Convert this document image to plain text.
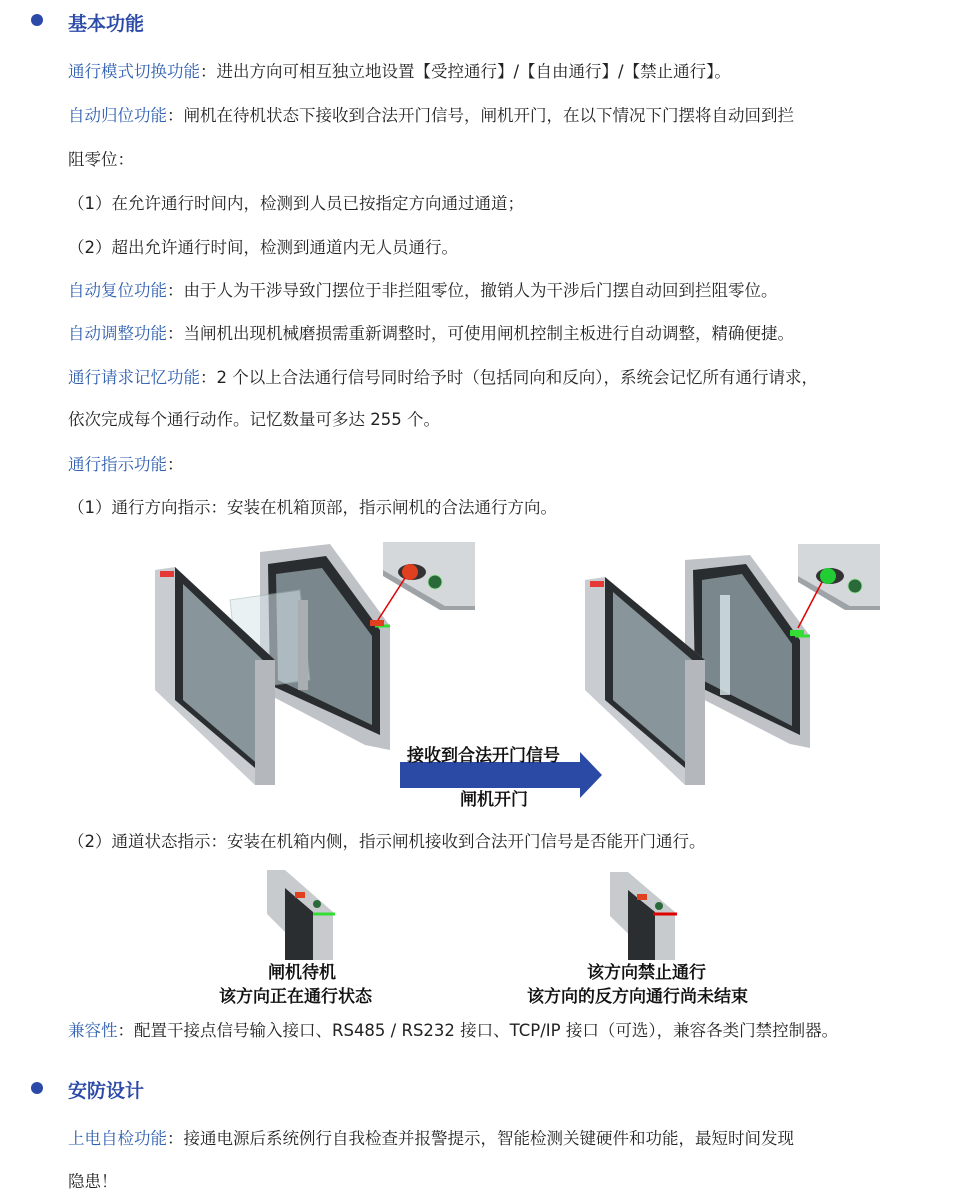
基本功能
通行模式切换功能：进出方向可相互独立地设置【受控通行】/【自由通行】/【禁止通行】。
自动归位功能：闸机在待机状态下接收到合法开门信号，闸机开门，在以下情况下门摆将自动回到拦
阻零位：
（1）在允许通行时间内，检测到人员已按指定方向通过通道；
（2）超出允许通行时间，检测到通道内无人员通行。
自动复位功能：由于人为干涉导致门摆位于非拦阻零位，撤销人为干涉后门摆自动回到拦阻零位。
自动调整功能：当闸机出现机械磨损需重新调整时，可使用闸机控制主板进行自动调整，精确便捷。
通行请求记忆功能：2 个以上合法通行信号同时给予时（包括同向和反向），系统会记忆所有通行请求，
依次完成每个通行动作。记忆数量可多达 255 个。
通行指示功能：
（1）通行方向指示：安装在机箱顶部，指示闸机的合法通行方向。
接收到合法开门信号
闸机开门
（2）通道状态指示：安装在机箱内侧，指示闸机接收到合法开门信号是否能开门通行。
闸机待机
该方向正在通行状态
该方向禁止通行
该方向的反方向通行尚未结束
兼容性：配置干接点信号输入接口、RS485 / RS232 接口、TCP/IP 接口（可选），兼容各类门禁控制器。
安防设计
上电自检功能：接通电源后系统例行自我检查并报警提示，智能检测关键硬件和功能，最短时间发现
隐患！
